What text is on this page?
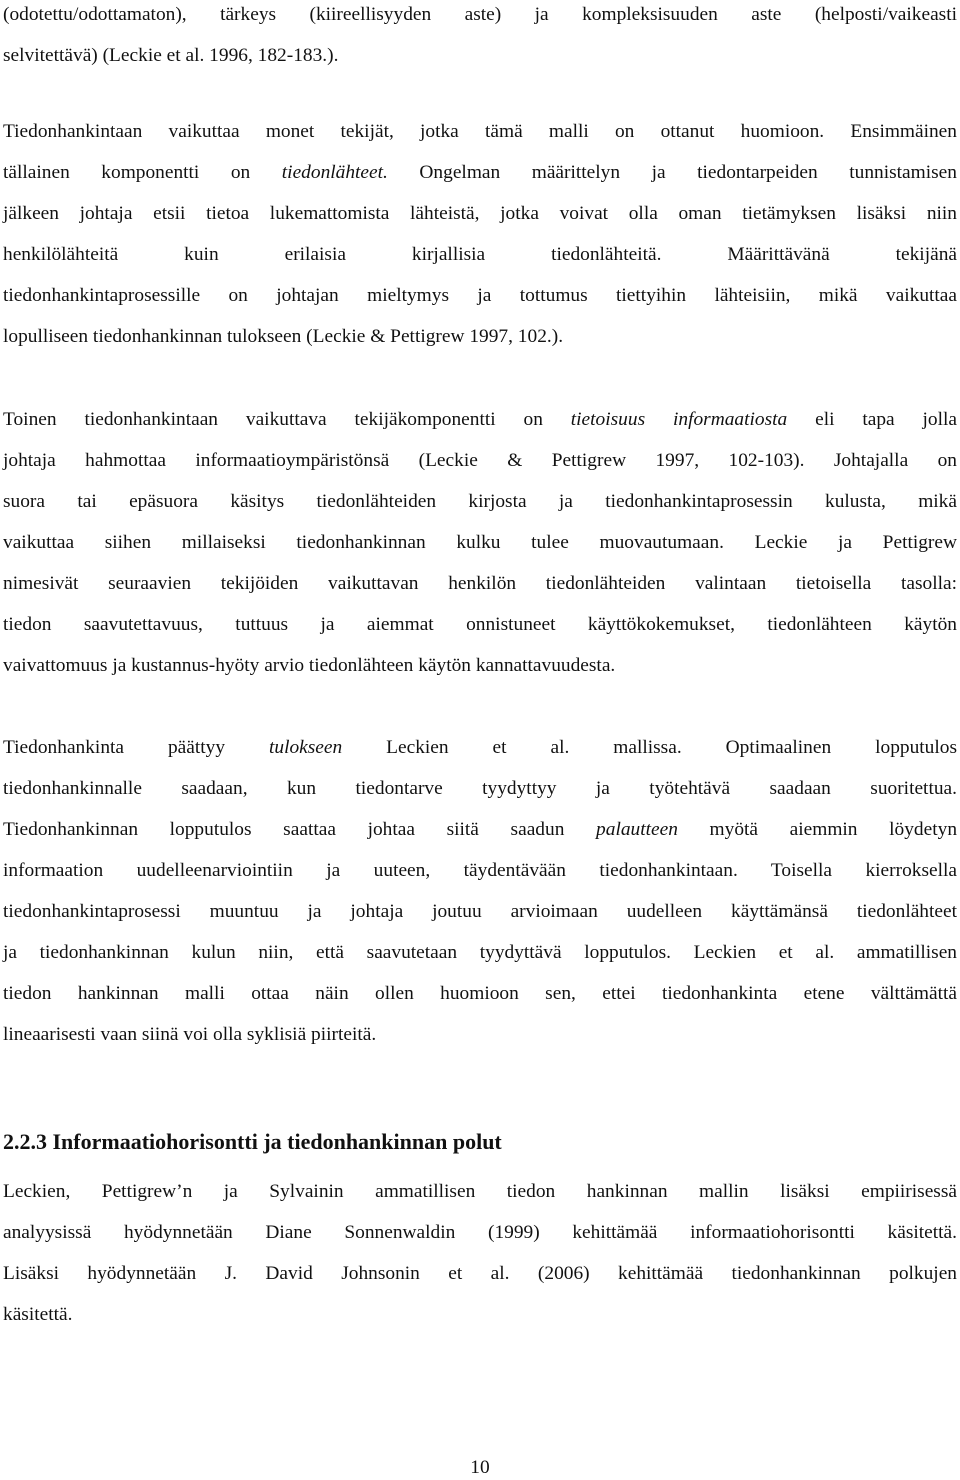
(odotettu/odottamaton), tärkeys (kiireellisyyden aste) ja kompleksisuuden aste (helposti/vaikeasti
selvitettävä) (Leckie et al. 1996, 182-183.).
Tiedonhankintaan vaikuttaa monet tekijät, jotka tämä malli on ottanut huomioon. Ensimmäinen
tällainen komponentti on tiedonlähteet. Ongelman määrittelyn ja tiedontarpeiden tunnistamisen
jälkeen johtaja etsii tietoa lukemattomista lähteistä, jotka voivat olla oman tietämyksen lisäksi niin
henkilölähteitä kuin erilaisia kirjallisia tiedonlähteitä. Määrittävänä tekijänä
tiedonhankintaprosessille on johtajan mieltymys ja tottumus tiettyihin lähteisiin, mikä vaikuttaa
lopulliseen tiedonhankinnan tulokseen (Leckie & Pettigrew 1997, 102.).
Toinen tiedonhankintaan vaikuttava tekijäkomponentti on tietoisuus informaatiosta eli tapa jolla
johtaja hahmottaa informaatioympäristönsä (Leckie & Pettigrew 1997, 102-103). Johtajalla on
suora tai epäsuora käsitys tiedonlähteiden kirjosta ja tiedonhankintaprosessin kulusta, mikä
vaikuttaa siihen millaiseksi tiedonhankinnan kulku tulee muovautumaan. Leckie ja Pettigrew
nimesivät seuraavien tekijöiden vaikuttavan henkilön tiedonlähteiden valintaan tietoisella tasolla:
tiedon saavutettavuus, tuttuus ja aiemmat onnistuneet käyttökokemukset, tiedonlähteen käytön
vaivattomuus ja kustannus-hyöty arvio tiedonlähteen käytön kannattavuudesta.
Tiedonhankinta päättyy tulokseen Leckien et al. mallissa. Optimaalinen lopputulos
tiedonhankinnalle saadaan, kun tiedontarve tyydyttyy ja työtehtävä saadaan suoritettua.
Tiedonhankinnan lopputulos saattaa johtaa siitä saadun palautteen myötä aiemmin löydetyn
informaation uudelleenarviointiin ja uuteen, täydentävään tiedonhankintaan. Toisella kierroksella
tiedonhankintaprosessi muuntuu ja johtaja joutuu arvioimaan uudelleen käyttämänsä tiedonlähteet
ja tiedonhankinnan kulun niin, että saavutetaan tyydyttävä lopputulos. Leckien et al. ammatillisen
tiedon hankinnan malli ottaa näin ollen huomioon sen, ettei tiedonhankinta etene välttämättä
lineaarisesti vaan siinä voi olla syklisiä piirteitä.
2.2.3 Informaatiohorisontti ja tiedonhankinnan polut
Leckien, Pettigrew’n ja Sylvainin ammatillisen tiedon hankinnan mallin lisäksi empiirisessä
analyysissä hyödynnetään Diane Sonnenwaldin (1999) kehittämää informaatiohorisontti käsitettä.
Lisäksi hyödynnetään J. David Johnsonin et al. (2006) kehittämää tiedonhankinnan polkujen
käsitettä.
10
